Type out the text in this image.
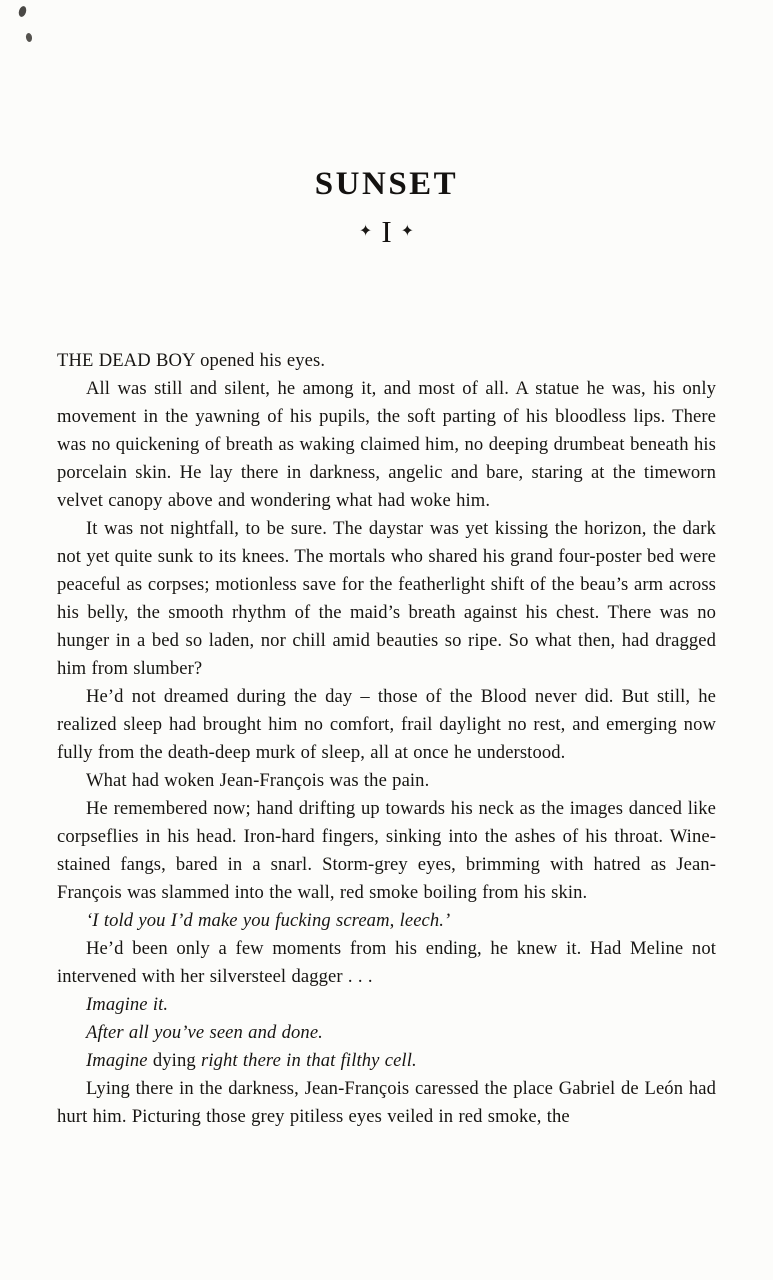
SUNSET
✦ I ✦

THE DEAD BOY opened his eyes.

All was still and silent, he among it, and most of all. A statue he was, his only movement in the yawning of his pupils, the soft parting of his bloodless lips. There was no quickening of breath as waking claimed him, no deeping drumbeat beneath his porcelain skin. He lay there in darkness, angelic and bare, staring at the timeworn velvet canopy above and wondering what had woke him.

It was not nightfall, to be sure. The daystar was yet kissing the horizon, the dark not yet quite sunk to its knees. The mortals who shared his grand four-poster bed were peaceful as corpses; motionless save for the featherlight shift of the beau’s arm across his belly, the smooth rhythm of the maid’s breath against his chest. There was no hunger in a bed so laden, nor chill amid beauties so ripe. So what then, had dragged him from slumber?

He’d not dreamed during the day – those of the Blood never did. But still, he realized sleep had brought him no comfort, frail daylight no rest, and emerging now fully from the death-deep murk of sleep, all at once he understood.

What had woken Jean-François was the pain.

He remembered now; hand drifting up towards his neck as the images danced like corpseflies in his head. Iron-hard fingers, sinking into the ashes of his throat. Wine-stained fangs, bared in a snarl. Storm-grey eyes, brimming with hatred as Jean-François was slammed into the wall, red smoke boiling from his skin.

‘I told you I’d make you fucking scream, leech.’

He’d been only a few moments from his ending, he knew it. Had Meline not intervened with her silversteel dagger . . .

Imagine it.

After all you’ve seen and done.

Imagine dying right there in that filthy cell.

Lying there in the darkness, Jean-François caressed the place Gabriel de León had hurt him. Picturing those grey pitiless eyes veiled in red smoke, the
